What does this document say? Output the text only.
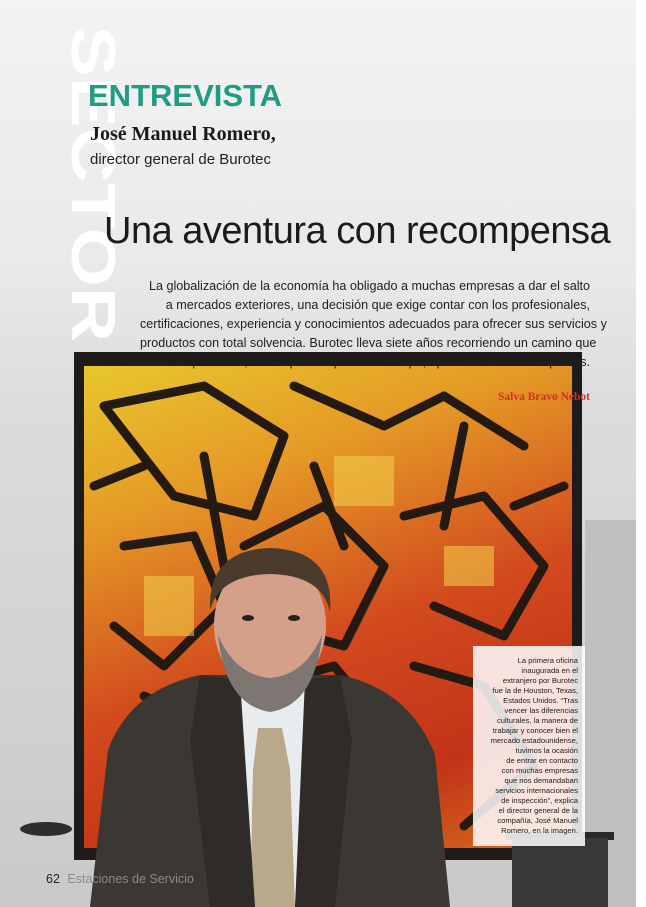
SECTOR
ENTREVISTA
José Manuel Romero,
director general de Burotec
Una aventura con recompensa
La globalización de la economía ha obligado a muchas empresas a dar el salto
a mercados exteriores, una decisión que exige contar con los profesionales,
certificaciones, experiencia y conocimientos adecuados para ofrecer sus servicios y
productos con total solvencia. Burotec lleva siete años recorriendo un camino que
le ha permitido, en tan poco espacio de tiempo, operar en más de 40 países.
Salva Bravo Nebot
La primera oficina
inaugurada en el
extranjero por Burotec
fue la de Houston, Texas,
Estados Unidos. “Tras
vencer las diferencias
culturales, la manera de
trabajar y conocer bien el
mercado estadounidense,
tuvimos la ocasión
de entrar en contacto
con muchas empresas
que nos demandaban
servicios internacionales
de inspección”, explica
el director general de la
compañía, José Manuel
Romero, en la imagen.
62 Estaciones de Servicio
